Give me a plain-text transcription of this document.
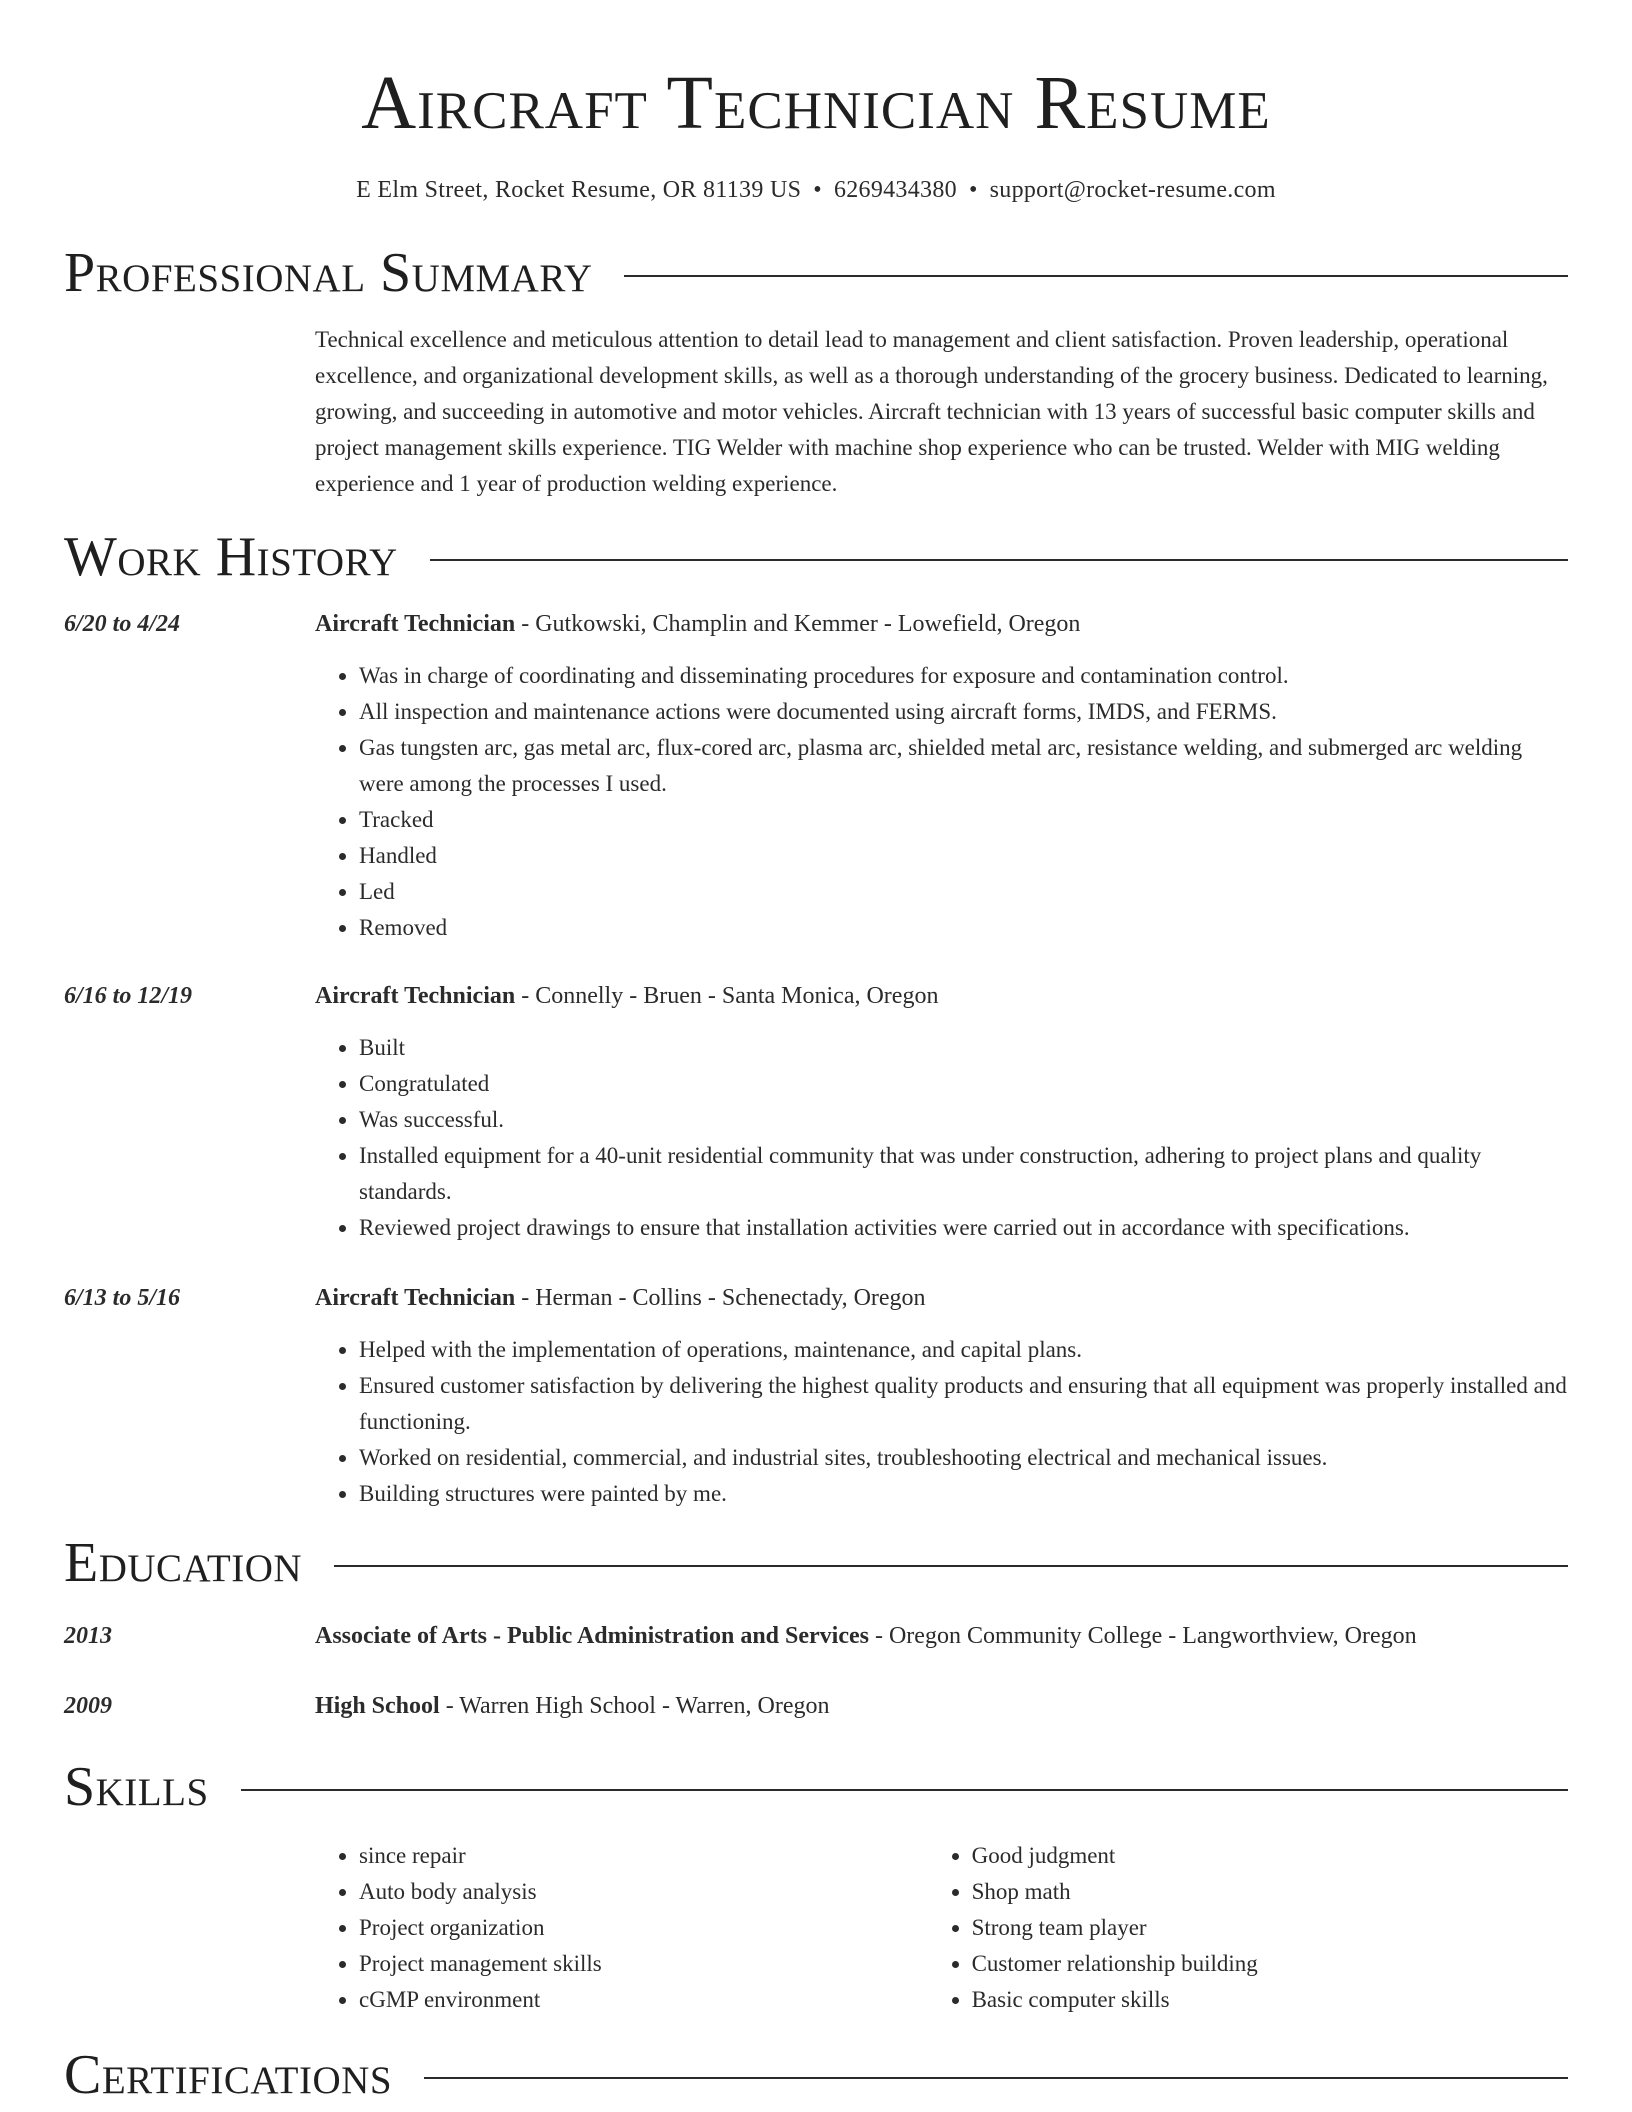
Aircraft Technician Resume
E Elm Street, Rocket Resume, OR 81139 US • 6269434380 • support@rocket-resume.com
Professional Summary
Technical excellence and meticulous attention to detail lead to management and client satisfaction. Proven leadership, operational excellence, and organizational development skills, as well as a thorough understanding of the grocery business. Dedicated to learning, growing, and succeeding in automotive and motor vehicles. Aircraft technician with 13 years of successful basic computer skills and project management skills experience. TIG Welder with machine shop experience who can be trusted. Welder with MIG welding experience and 1 year of production welding experience.
Work History
6/20 to 4/24	Aircraft Technician - Gutkowski, Champlin and Kemmer - Lowefield, Oregon
• Was in charge of coordinating and disseminating procedures for exposure and contamination control.
• All inspection and maintenance actions were documented using aircraft forms, IMDS, and FERMS.
• Gas tungsten arc, gas metal arc, flux-cored arc, plasma arc, shielded metal arc, resistance welding, and submerged arc welding were among the processes I used.
• Tracked
• Handled
• Led
• Removed
6/16 to 12/19	Aircraft Technician - Connelly - Bruen - Santa Monica, Oregon
• Built
• Congratulated
• Was successful.
• Installed equipment for a 40-unit residential community that was under construction, adhering to project plans and quality standards.
• Reviewed project drawings to ensure that installation activities were carried out in accordance with specifications.
6/13 to 5/16	Aircraft Technician - Herman - Collins - Schenectady, Oregon
• Helped with the implementation of operations, maintenance, and capital plans.
• Ensured customer satisfaction by delivering the highest quality products and ensuring that all equipment was properly installed and functioning.
• Worked on residential, commercial, and industrial sites, troubleshooting electrical and mechanical issues.
• Building structures were painted by me.
Education
2013	Associate of Arts - Public Administration and Services - Oregon Community College - Langworthview, Oregon
2009	High School - Warren High School - Warren, Oregon
Skills
• since repair
• Auto body analysis
• Project organization
• Project management skills
• cGMP environment
• Good judgment
• Shop math
• Strong team player
• Customer relationship building
• Basic computer skills
Certifications
